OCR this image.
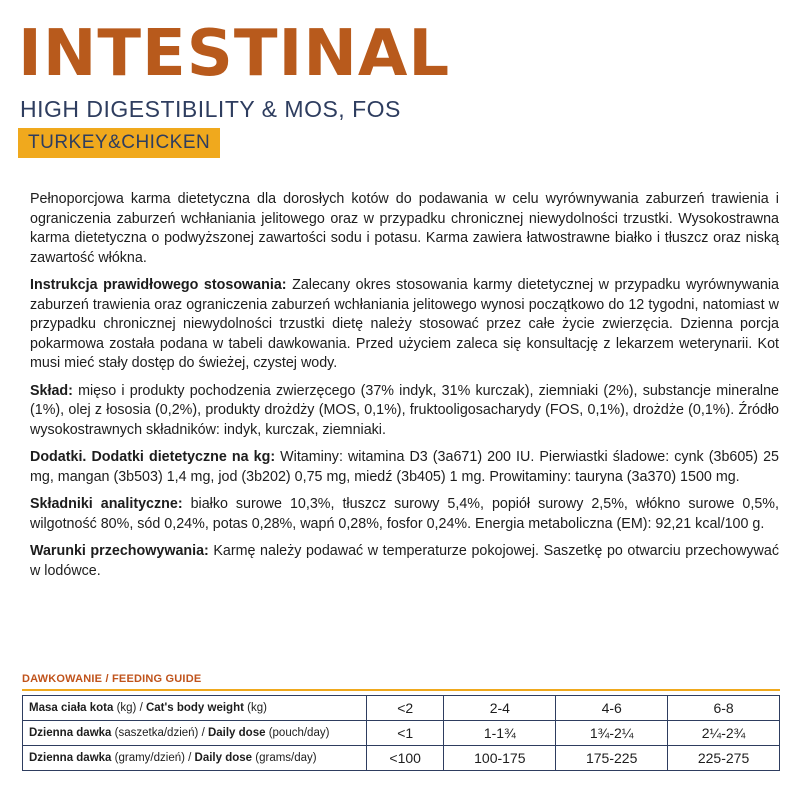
INTESTINAL
HIGH DIGESTIBILITY & MOS, FOS
TURKEY&CHICKEN

Pełnoporcjowa karma dietetyczna dla dorosłych kotów do podawania w celu wyrównywania zaburzeń trawienia i ograniczenia zaburzeń wchłaniania jelitowego oraz w przypadku chronicznej niewydolności trzustki. Wysokostrawna karma dietetyczna o podwyższonej zawartości sodu i potasu. Karma zawiera łatwostrawne białko i tłuszcz oraz niską zawartość włókna.

Instrukcja prawidłowego stosowania: Zalecany okres stosowania karmy dietetycznej w przypadku wyrównywania zaburzeń trawienia oraz ograniczenia zaburzeń wchłaniania jelitowego wynosi początkowo do 12 tygodni, natomiast w przypadku chronicznej niewydolności trzustki dietę należy stosować przez całe życie zwierzęcia. Dzienna porcja pokarmowa została podana w tabeli dawkowania. Przed użyciem zaleca się konsultację z lekarzem weterynarii. Kot musi mieć stały dostęp do świeżej, czystej wody.

Skład: mięso i produkty pochodzenia zwierzęcego (37% indyk, 31% kurczak), ziemniaki (2%), substancje mineralne (1%), olej z łososia (0,2%), produkty drożdży (MOS, 0,1%), fruktooligosacharydy (FOS, 0,1%), drożdże (0,1%). Źródło wysokostrawnych składników: indyk, kurczak, ziemniaki.

Dodatki. Dodatki dietetyczne na kg: Witaminy: witamina D3 (3a671) 200 IU. Pierwiastki śladowe: cynk (3b605) 25 mg, mangan (3b503) 1,4 mg, jod (3b202) 0,75 mg, miedź (3b405) 1 mg. Prowitaminy: tauryna (3a370) 1500 mg.

Składniki analityczne: białko surowe 10,3%, tłuszcz surowy 5,4%, popiół surowy 2,5%, włókno surowe 0,5%, wilgotność 80%, sód 0,24%, potas 0,28%, wapń 0,28%, fosfor 0,24%. Energia metaboliczna (EM): 92,21 kcal/100 g.

Warunki przechowywania: Karmę należy podawać w temperaturze pokojowej. Saszetkę po otwarciu przechowywać w lodówce.

DAWKOWANIE / FEEDING GUIDE
Masa ciała kota (kg) / Cat's body weight (kg)	<2	2-4	4-6	6-8
Dzienna dawka (saszetka/dzień) / Daily dose (pouch/day)	<1	1-1¾	1¾-2¼	2¼-2¾
Dzienna dawka (gramy/dzień) / Daily dose (grams/day)	<100	100-175	175-225	225-275
